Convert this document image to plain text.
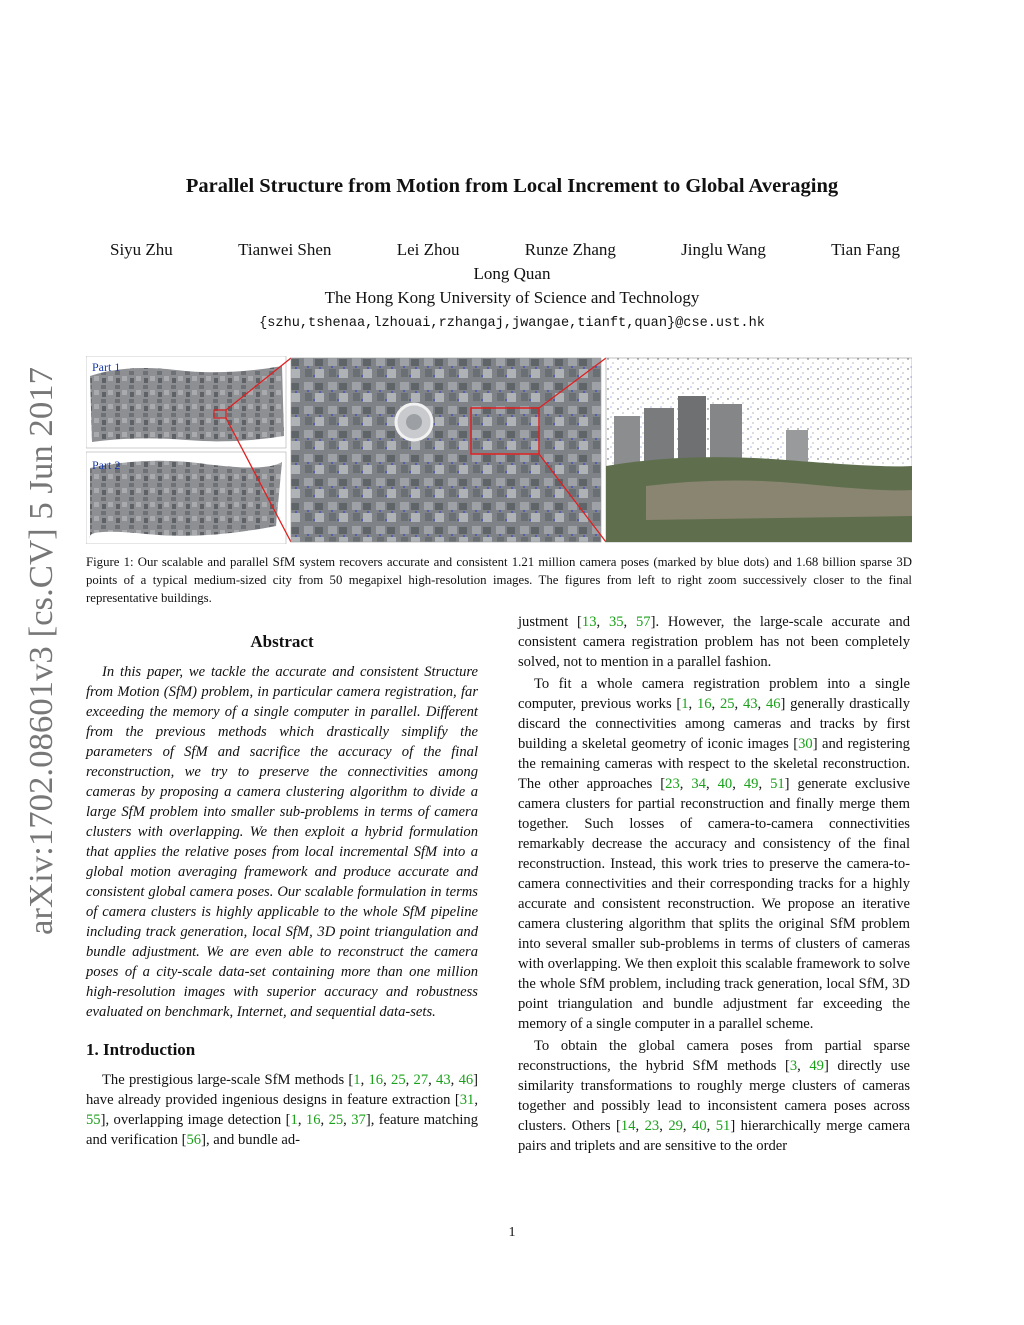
arXiv:1702.08601v3 [cs.CV] 5 Jun 2017
Parallel Structure from Motion from Local Increment to Global Averaging
Siyu Zhu	Tianwei Shen	Lei Zhou	Runze Zhang	Jinglu Wang	Tian Fang
Long Quan
The Hong Kong University of Science and Technology
{szhu,tshenaa,lzhouai,rzhangaj,jwangae,tianft,quan}@cse.ust.hk
Part 1
Part 2
Figure 1: Our scalable and parallel SfM system recovers accurate and consistent 1.21 million camera poses (marked by blue dots) and 1.68 billion sparse 3D points of a typical medium-sized city from 50 megapixel high-resolution images. The figures from left to right zoom successively closer to the final representative buildings.
Abstract

In this paper, we tackle the accurate and consistent Structure from Motion (SfM) problem, in particular camera registration, far exceeding the memory of a single computer in parallel. Different from the previous methods which drastically simplify the parameters of SfM and sacrifice the accuracy of the final reconstruction, we try to preserve the connectivities among cameras by proposing a camera clustering algorithm to divide a large SfM problem into smaller sub-problems in terms of camera clusters with overlapping. We then exploit a hybrid formulation that applies the relative poses from local incremental SfM into a global motion averaging framework and produce accurate and consistent global camera poses. Our scalable formulation in terms of camera clusters is highly applicable to the whole SfM pipeline including track generation, local SfM, 3D point triangulation and bundle adjustment. We are even able to reconstruct the camera poses of a city-scale data-set containing more than one million high-resolution images with superior accuracy and robustness evaluated on benchmark, Internet, and sequential data-sets.

1. Introduction

The prestigious large-scale SfM methods [1, 16, 25, 27, 43, 46] have already provided ingenious designs in feature extraction [31, 55], overlapping image detection [1, 16, 25, 37], feature matching and verification [56], and bundle ad-

justment [13, 35, 57]. However, the large-scale accurate and consistent camera registration problem has not been completely solved, not to mention in a parallel fashion.

To fit a whole camera registration problem into a single computer, previous works [1, 16, 25, 43, 46] generally drastically discard the connectivities among cameras and tracks by first building a skeletal geometry of iconic images [30] and registering the remaining cameras with respect to the skeletal reconstruction. The other approaches [23, 34, 40, 49, 51] generate exclusive camera clusters for partial reconstruction and finally merge them together. Such losses of camera-to-camera connectivities remarkably decrease the accuracy and consistency of the final reconstruction. Instead, this work tries to preserve the camera-to-camera connectivities and their corresponding tracks for a highly accurate and consistent reconstruction. We propose an iterative camera clustering algorithm that splits the original SfM problem into several smaller sub-problems in terms of clusters of cameras with overlapping. We then exploit this scalable framework to solve the whole SfM problem, including track generation, local SfM, 3D point triangulation and bundle adjustment far exceeding the memory of a single computer in a parallel scheme.

To obtain the global camera poses from partial sparse reconstructions, the hybrid SfM methods [3, 49] directly use similarity transformations to roughly merge clusters of cameras together and possibly lead to inconsistent camera poses across clusters. Others [14, 23, 29, 40, 51] hierarchically merge camera pairs and triplets and are sensitive to the order

1
